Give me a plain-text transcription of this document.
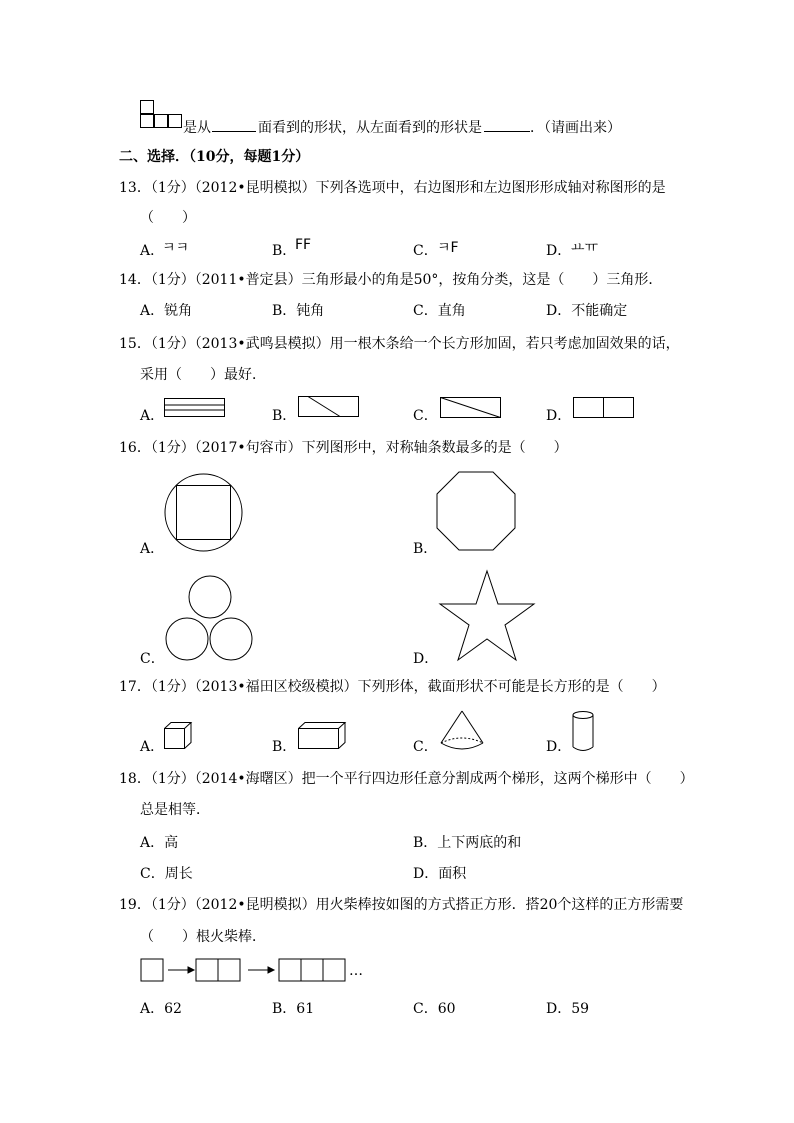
是从	面看到的形状，从左面看到的形状是	．（请画出来）
二、选择．（10分，每题1分）
13．（1分）（2012•昆明模拟）下列各选项中，右边图形和左边图形形成轴对称图形的是
（　　）
A．
ㅋㅋ	B．
FF	C． ㅋF	D． ㅛㅠ
14．（1分）（2011•普定县）三角形最小的角是50°，按角分类，这是（　　）三角形．
A．锐角	B．钝角	C．直角	D．不能确定
15．（1分）（2013•武鸣县模拟）用一根木条给一个长方形加固，若只考虑加固效果的话，
采用（　　）最好．
A．	B．	C．	D．
16．（1分）（2017•句容市）下列图形中，对称轴条数最多的是（　　）
A．	B．
C．	D．
17．（1分）（2013•福田区校级模拟）下列形体，截面形状不可能是长方形的是（　　）
A．	B．	C．	D．
18．（1分）（2014•海曙区）把一个平行四边形任意分割成两个梯形，这两个梯形中（　　）
总是相等．
A．高	B．上下两底的和
C．周长	D．面积
19．（1分）（2012•昆明模拟）用火柴棒按如图的方式搭正方形．搭20个这样的正方形需要
（　　）根火柴棒．
…
A．62	B．61	C．60	D．59
